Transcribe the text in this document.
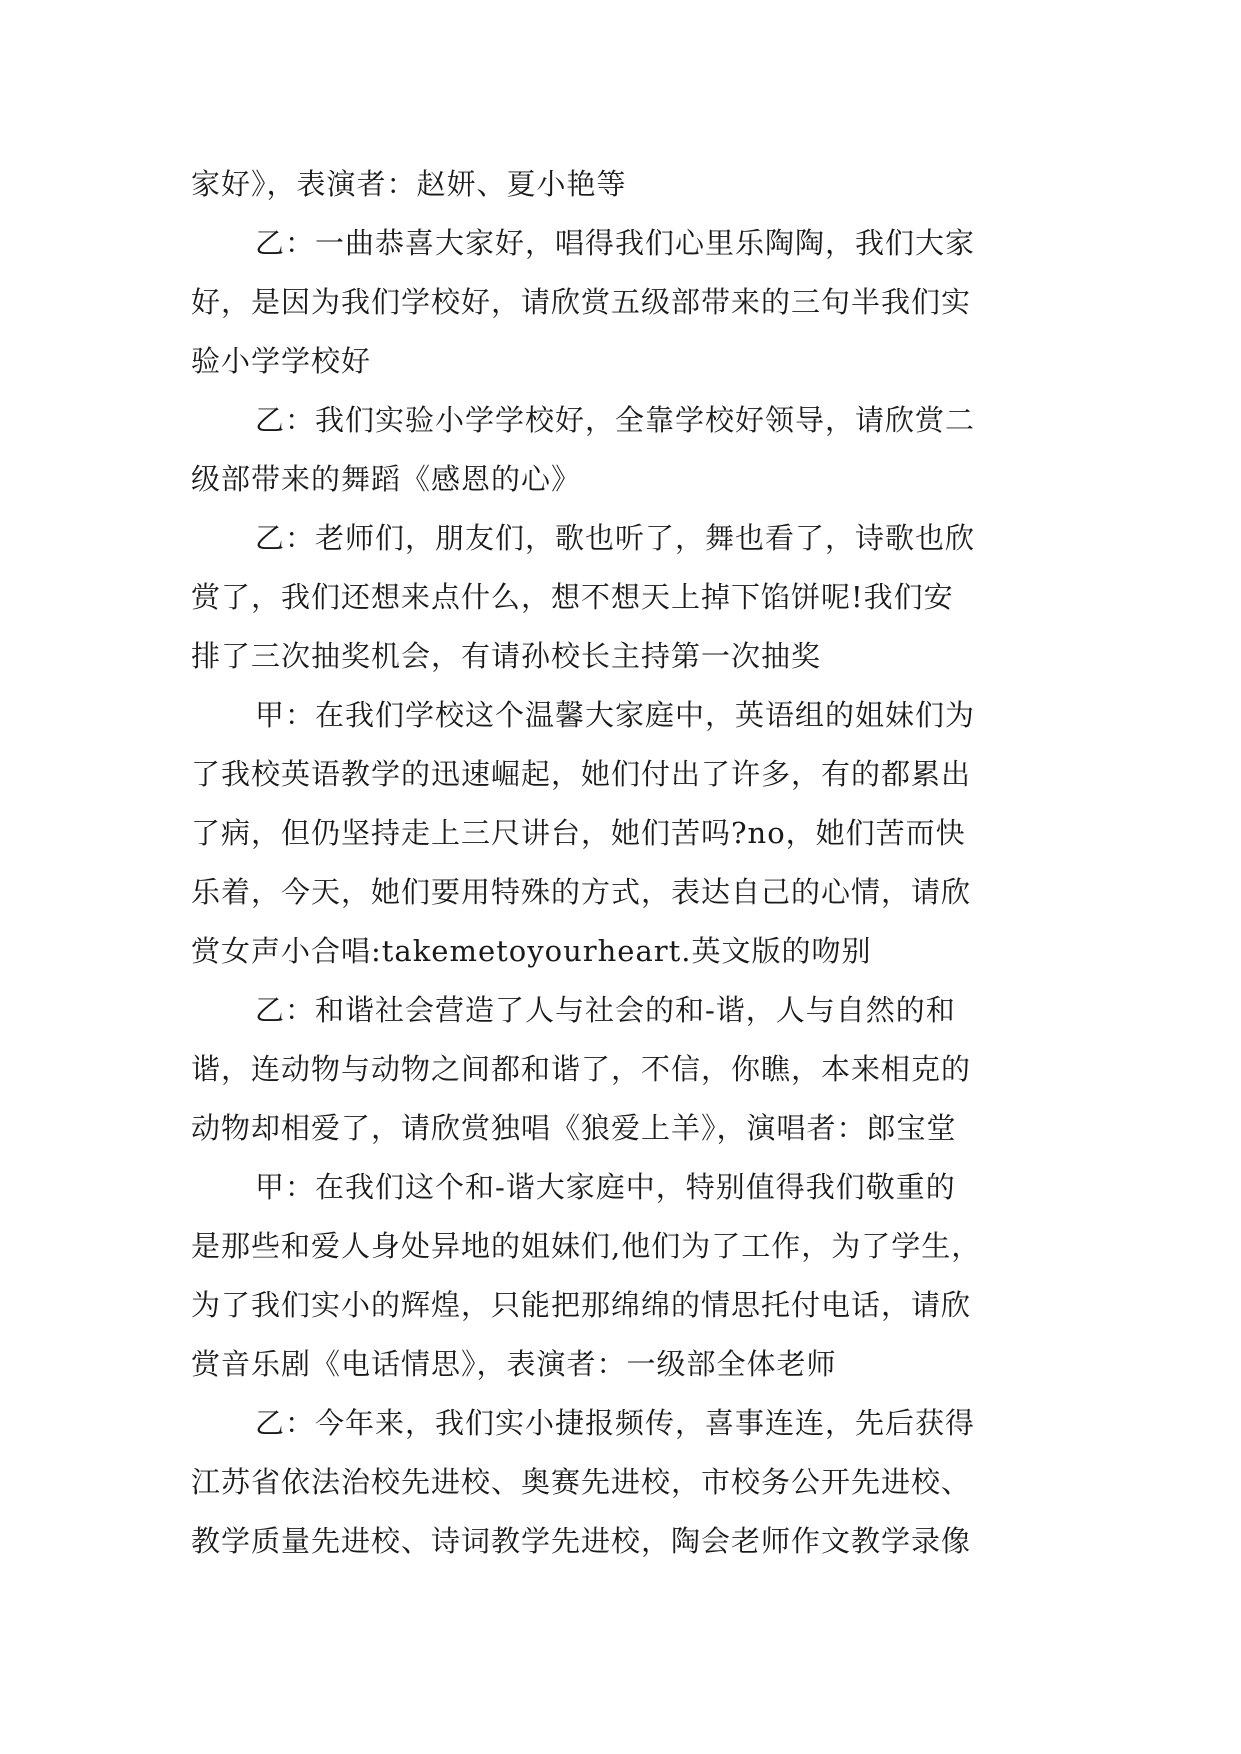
家好》，表演者：赵妍、夏小艳等
乙：一曲恭喜大家好，唱得我们心里乐陶陶，我们大家
好，是因为我们学校好，请欣赏五级部带来的三句半我们实
验小学学校好
乙：我们实验小学学校好，全靠学校好领导，请欣赏二
级部带来的舞蹈《感恩的心》
乙：老师们，朋友们，歌也听了，舞也看了，诗歌也欣
赏了，我们还想来点什么，想不想天上掉下馅饼呢!我们安
排了三次抽奖机会，有请孙校长主持第一次抽奖
甲：在我们学校这个温馨大家庭中，英语组的姐妹们为
了我校英语教学的迅速崛起，她们付出了许多，有的都累出
了病，但仍坚持走上三尺讲台，她们苦吗?no，她们苦而快
乐着，今天，她们要用特殊的方式，表达自己的心情，请欣
赏女声小合唱:takemetoyourheart.英文版的吻别
乙：和谐社会营造了人与社会的和-谐，人与自然的和
谐，连动物与动物之间都和谐了，不信，你瞧，本来相克的
动物却相爱了，请欣赏独唱《狼爱上羊》，演唱者：郎宝堂
甲：在我们这个和-谐大家庭中，特别值得我们敬重的
是那些和爱人身处异地的姐妹们,他们为了工作，为了学生，
为了我们实小的辉煌，只能把那绵绵的情思托付电话，请欣
赏音乐剧《电话情思》，表演者：一级部全体老师
乙：今年来，我们实小捷报频传，喜事连连，先后获得
江苏省依法治校先进校、奥赛先进校，市校务公开先进校、
教学质量先进校、诗词教学先进校，陶会老师作文教学录像
